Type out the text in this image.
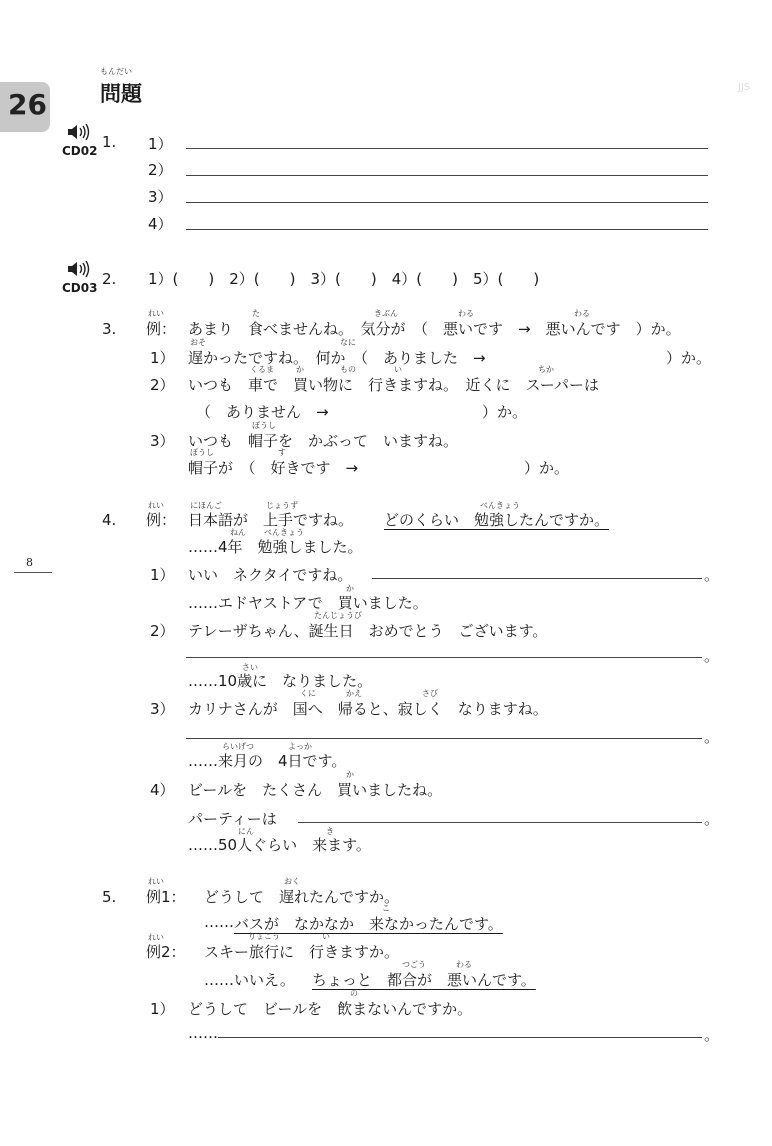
26
もんだい
問題	JJS
CD02 1. 1）
2）
3）
4）
CD03 2. 1）(　　)　2）(　　)　3）(　　)　4）(　　)　5）(　　)
3.
れい
例：
た	きぶん	わる	わる
あまり　食べませんね。　気分が　（　悪いです　→　悪いんです　）か。
1）
おそ	なに
遅かったですね。　何か　（　ありました　→	）か。
2）
くるま	か	もの	い	ちか
いつも　車で　買い物に　行きますね。　近くに　スーパーは
（　ありません　→	）か。
3）
ぼうし
いつも　帽子を　かぶって　いますね。
ぼうし	す
帽子が　（　好きです　→	）か。
4.
れい
例：
にほんご	じょうず	べんきょう
日本語が　上手ですね。 どのくらい　勉強したんですか。
ねん べんきょう
……4年　勉強しました。
1） いい　ネクタイですね。	。
か
……エドヤストアで　買いました。
2）
たんじょうび
テレーザちゃん、誕生日　おめでとう　ございます。
。
さい
……10歳に　なりました。
3）
くに	かえ	さび
カリナさんが　国へ　帰ると、寂しく　なりますね。
。
らいげつ	よっか
……来月の　4日です。
4）
か
ビールを　たくさん　買いましたね。
パーティーは	。
にん	き
……50人ぐらい　来ます。
8
5.
れい
例1：
おく
どうして　遅れたんですか。
……
こ
バスが　なかなか　来なかったんです。
れい
例2：
りょこう	い
スキー旅行に　行きますか。
……いいえ。
つごう	わる
ちょっと　都合が　悪いんです。
1）
の
どうして　ビールを　飲まないんですか。
……	。
